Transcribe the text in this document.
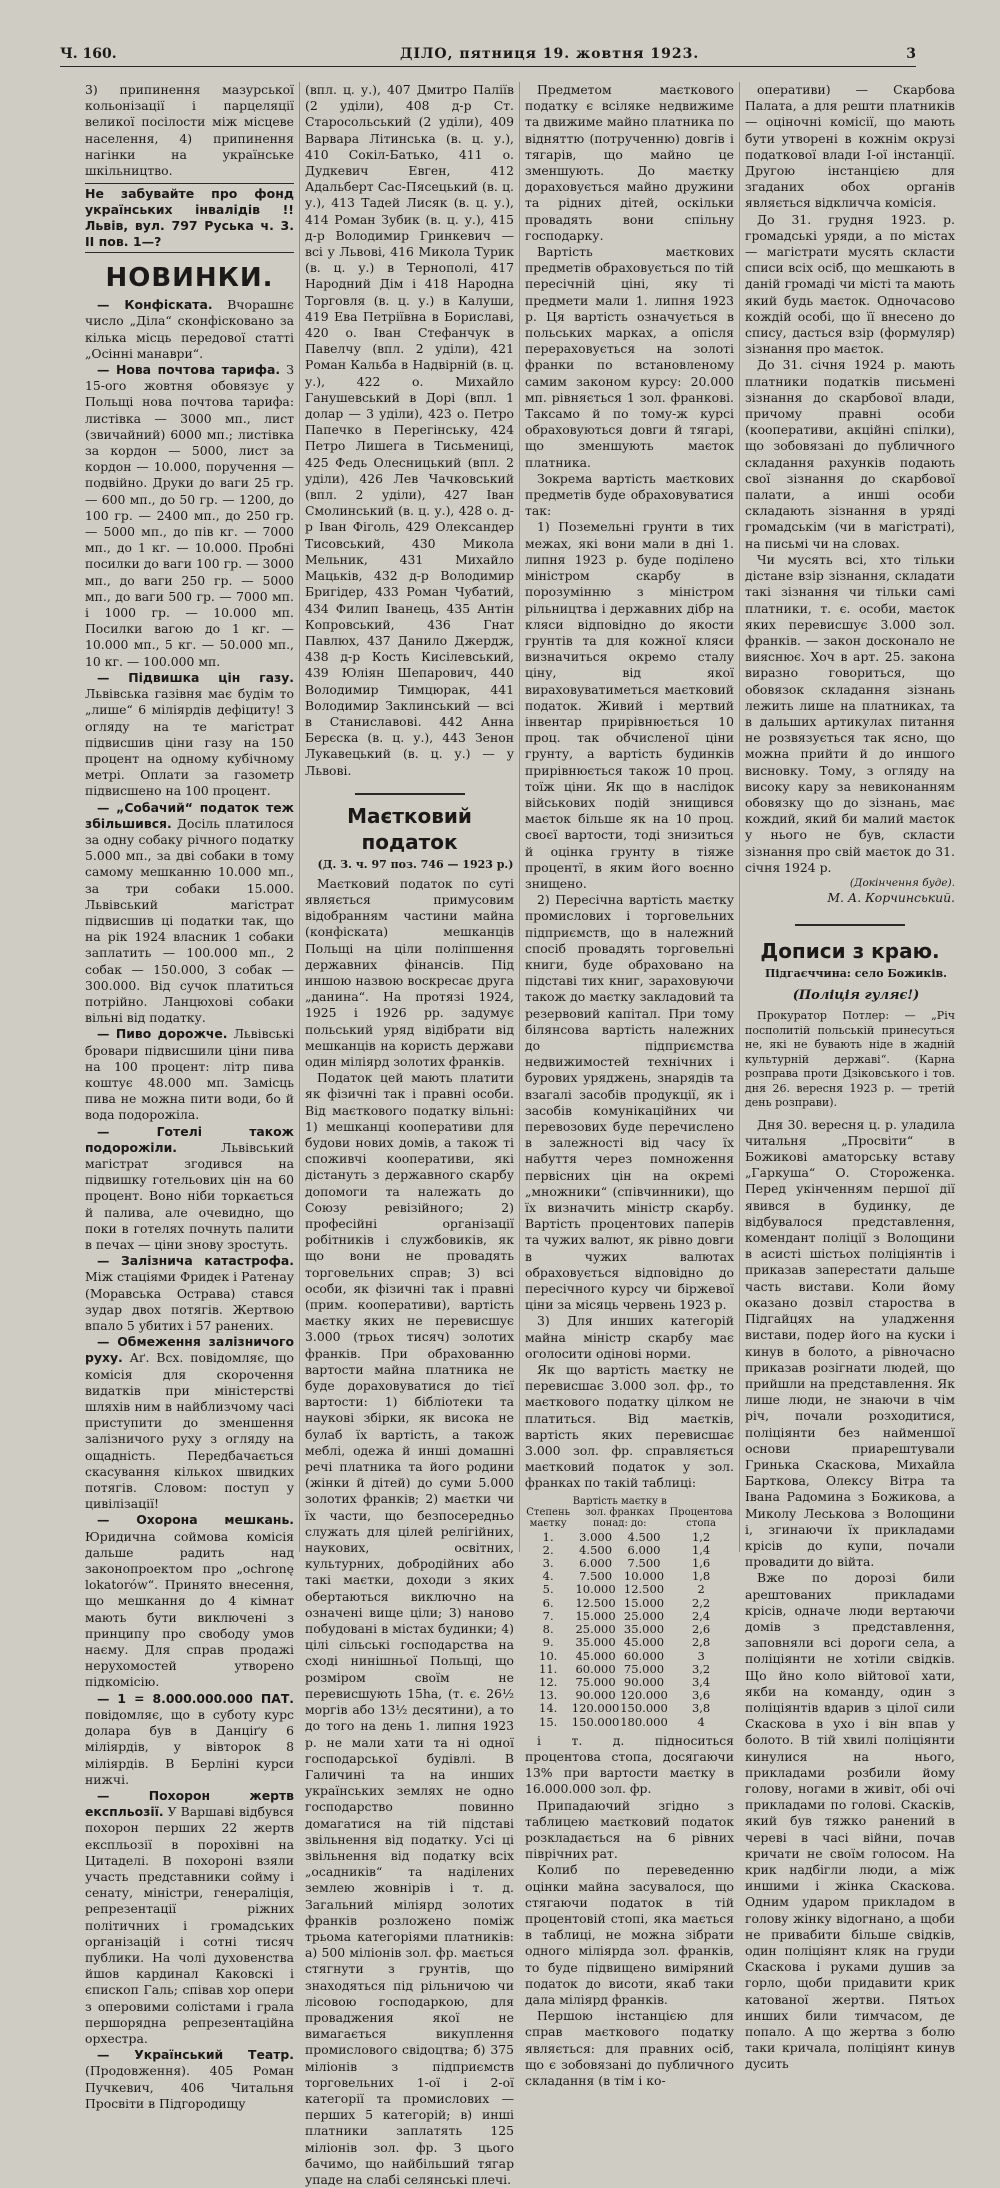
Ч. 160.	ДІЛО, пятниця 19. жовтня 1923.	3

3) припинення мазурської кольонізації і парцеляції великої посілости між місцеве населення, 4) припинення нагінки на українське шкільництво.

Не забувайте про фонд українських інвалідів !! Львів, вул. 797 Руська ч. 3. II пов. 1—?
НОВИНКИ.

— Конфіската. Вчорашнє число „Діла“ сконфісковано за кілька місць передової статті „Осінні манаври“.

— Нова почтова тарифа. З 15-ого жовтня обовязує у Польщі нова почтова тарифа: листівка — 3000 мп., лист (звичайний) 6000 мп.; листівка за кордон — 5000, лист за кордон — 10.000, поручення — подвійно. Друки до ваги 25 гр. — 600 мп., до 50 гр. — 1200, до 100 гр. — 2400 мп., до 250 гр. — 5000 мп., до пів кг. — 7000 мп., до 1 кг. — 10.000. Пробні посилки до ваги 100 гр. — 3000 мп., до ваги 250 гр. — 5000 мп., до ваги 500 гр. — 7000 мп. і 1000 гр. — 10.000 мп. Посилки вагою до 1 кг. — 10.000 мп., 5 кг. — 50.000 мп., 10 кг. — 100.000 мп.

— Підвишка цін газу. Львівська газівня має будім то „лише“ 6 міліярдів дефіциту! З огляду на те магістрат підвисшив ціни газу на 150 процент на одному кубічному метрі. Оплати за газометр підвисшено на 100 процент.

— „Собачий“ податок теж збільшився. Досіль платилося за одну собаку річного податку 5.000 мп., за дві собаки в тому самому мешканню 10.000 мп., за три собаки 15.000. Львівський магістрат підвисшив ці податки так, що на рік 1924 власник 1 собаки заплатить — 100.000 мп., 2 собак — 150.000, 3 собак — 300.000. Від сучок платиться потрійно. Ланцюхові собаки вільні від податку.

— Пиво дорожче. Львівські бровари підвисшили ціни пива на 100 процент: літр пива коштує 48.000 мп. Замісць пива не можна пити води, бо й вода подорожіла.

— Готелі також подорожіли.	Львівський магістрат згодився на підвишку готельових цін на 60 процент. Воно ніби торкається й палива, але очевидно, що поки в готелях почнуть палити в печах — ціни знову зростуть.

— Залізнича катастрофа. Між стаціями Фридек і Ратенау (Моравська Острава) стався зудар двох потягів. Жертвою впало 5 убитих і 57 ранених.

— Обмеження залізничого руху. Аґ. Всх. повідомляє, що комісія для скорочення видатків при міністерстві шляхів ним в найблизчому часі приступити до зменшення залізничого руху з огляду на ощадність. Передбачається скасування кількох швидких потягів. Словом: поступ у цивілізації!

— Охорона мешкань. Юридична соймова комісія дальше радить над законопроектом про „ochronę lokatorów“. Принято внесення, що мешкання до 4 кімнат мають бути виключені з принципу про свободу умов наєму. Для справ продажі нерухомостей утворено підкомісію.

— 1 = 8.000.000.000 ПАТ. повідомляє, що в суботу курс долара був в Данціґу 6 міліярдів, у вівторок 8 міліярдів. В Берліні курси нижчі.

— Похорон жертв експльозії. У Варшаві відбувся похорон перших 22 жертв експльозії в порохівні на Цитаделі. В похороні взяли участь представники сойму і сенату, міністри, генераліція, репрезентації ріжних політичних і громадських організацій і сотні тисяч публики. На чолі духовенства йшов кардинал Каковскі і єпископ Галь; співав хор опери з оперовими солістами і грала першорядна репрезентаційна орхестра.

— Український Театр. (Продовження). 405 Роман Пучкевич, 406 Читальня Просвіти в Підгородищу

(впл. ц. у.), 407 Дмитро Паліїв (2 уділи), 408 д-р Ст. Старосольський (2 уділи), 409 Варвара Літинська (в. ц. у.), 410 Сокіл-Батько, 411 о. Дудкевич Евген, 412 Адальберт Сас-Пясецький (в. ц. у.), 413 Тадей Лисяк (в. ц. у.), 414 Роман Зубик (в. ц. у.), 415 д-р Володимир Гринкевич — всі у Львові, 416 Микола Турик (в. ц. у.) в Тернополі, 417 Народний Дім і 418 Народна Торговля (в. ц. у.) в Калуши, 419 Ева Петріївна в Бориславі, 420 о. Іван Стефанчук в Павелчу (впл. 2 уділи), 421 Роман Кальба в Надвірній (в. ц. у.), 422 о. Михайло Ганушевський в Дорі (впл. 1 долар — 3 уділи), 423 о. Петро Папечко в Перегінську, 424 Петро Лишега в Тисьмениці, 425 Федь Олесницький (впл. 2 уділи), 426 Лев Чачковський (впл. 2 уділи), 427 Іван Смолинський (в. ц. у.), 428 о. д-р Іван Фіголь, 429 Олександер Тисовський, 430 Микола Мельник, 431 Михайло Мацьків, 432 д-р Володимир Бригідер, 433 Роман Чубатий, 434 Филип Іванець, 435 Антін Копровський, 436 Гнат Павлюх, 437 Данило Джердж, 438 д-р Кость Кисілевський, 439 Юліян Шепарович, 440 Володимир Тимцюрак, 441 Володимир Заклинський — всі в Станиславові. 442 Анна Берєска (в. ц. у.), 443 Зенон Лукавецький (в. ц. у.) — у Львові.

Маєтковий податок

(Д. З. ч. 97 поз. 746 — 1923 р.)

Маєтковий податок по суті являється примусовим відобранням частини майна (конфіската) мешканців Польщі на ціли поліпшення державних фінансів. Під иншою назвою воскресає друга „данина“. На протязі 1924, 1925 і 1926 рр. задумує польський уряд відібрати від мешканців на користь держави один міліярд золотих франків.

Податок цей мають платити як фізичні так і правні особи. Від маєткового податку вільні: 1) мешканці кооперативи для будови нових домів, а також ті споживчі кооперативи, які дістануть з державного скарбу допомоги та належать до Союзу ревізійного; 2) професійні організації робітників і службовиків, як що вони не провадять торговельних справ; 3) всі особи, як фізичні так і правні (прим. кооперативи), вартість маєтку яких не перевисшує 3.000 (трьох тисяч) золотих франків. При обрахованню вартости майна платника не буде дораховуватися до тієї вартости: 1) бібліотеки та наукові збірки, як висока не булаб їх вартість, а також меблі, одежа й инші домашні речі платника та його родини (жінки й дітей) до суми 5.000 золотих франків; 2) маєтки чи їх части, що безпосередньо служать для цілей релігійних, наукових, освітних, культурних, добродійних або такі маєтки, доходи з яких обертаються виключно на означені вище ціли; 3) наново побудовані в містах будинки; 4) цілі сільські господарства на сході нинішньої Польщі, що розміром своїм не перевисшують 15ha, (т. є. 26½ моргів або 13½ десятини), а то до того на день 1. липня 1923 р. не мали хати та ні одної господарської будівлі. В Галичині та на инших українських землях не одно господарство повинно домагатися на тій підставі звільнення від податку. Усі ці звільнення від податку всіх „осадників“ та наділених землею жовнірів і т. д. Загальний міліярд золотих франків розложено поміж трьома категоріями платників: а) 500 міліонів зол. фр. мається стягнути з грунтів, що знаходяться під рільничою чи лісовою господаркою, для проваджения якої не вимагається викуплення промислового свідоцтва; б) 375 міліонів з підприємств торговельних 1-ої і 2-ої категорії та промислових — перших 5 категорій; в) инші платники заплатять 125 міліонів зол. фр. З цього бачимо, що найбільший тягар упаде на слабі селянські плечі.

Предметом маєткового податку є всіляке недвижиме та движиме майно платника по відняттю (потрученню) довгів і тягарів, що майно це зменшують. До маєтку дораховується майно дружини та рідних дітей, оскільки провадять вони спільну господарку.

Вартість маєткових предметів обраховується по тій пересічній ціні, яку ті предмети мали 1. липня 1923 р. Ця вартість означується в польських марках, а опісля перераховується на золоті франки по встановленому самим законом курсу: 20.000 мп. рівняється 1 зол. франкові. Таксамо й по тому-ж курсі обраховуються довги й тягарі, що зменшують маєток платника.

Зокрема вартість маєткових предметів буде обраховуватися так:

1) Поземельні грунти в тих межах, які вони мали в дні 1. липня 1923 р. буде поділено міністром скарбу в порозумінню з міністром рільництва і державних дібр на кляси відповідно до якости грунтів та для кожної кляси визначиться окремо сталу ціну, від якої вираховуватиметься маєтковий податок. Живий і мертвий інвентар прирівнюється 10 проц. так обчисленої ціни грунту, а вартість будинків прирівнюється також 10 проц. тоїж ціни. Як що в наслідок військових подій знищився маєток більше як на 10 проц. своєї вартости, тоді знизиться й оцінка грунту в тіяже процентї, в яким його воєнно знищено.

2) Пересічна вартість маєтку промислових і торговельних підприємств, що в належний спосіб провадять торговельні книги, буде обраховано на підставі тих книг, зараховуючи також до маєтку закладовий та резервовий капітал. При тому білянсова вартість належних до підприємства недвижимостей технічних і бурових уряджень, знарядів та взагалі засобів продукції, як і засобів комунікаційних чи перевозових буде перечислено в залежності від часу їх набуття через помноження первісних цін на окремі „множники“ (співчинники), що їх визначить міністр скарбу. Вартість процентових паперів та чужих валют, як рівно довги в чужих валютах обраховується відповідно до пересічного курсу чи біржевої ціни за місяць червень 1923 р.

3) Для инших категорій майна міністр скарбу має оголосити одінові норми.

Як що вартість маєтку не перевисшає 3.000 зол. фр., то маєткового податку цілком не платиться. Від маєтків, вартість яких перевисшає 3.000 зол. фр. справляється маєтковий податок у зол. франках по такій таблиці:

Степень маєтку	Вартість маєтку в зол. франках понад: до:		Процентова стопа
1.	3.000	4.500	1,2
2.	4.500	6.000	1,4
3.	6.000	7.500	1,6
4.	7.500	10.000	1,8
5.	10.000	12.500	2
6.	12.500	15.000	2,2
7.	15.000	25.000	2,4
8.	25.000	35.000	2,6
9.	35.000	45.000	2,8
10.	45.000	60.000	3
11.	60.000	75.000	3,2
12.	75.000	90.000	3,4
13.	90.000	120.000	3,6
14.	120.000	150.000	3,8
15.	150.000	180.000	4

і т. д. підноситься процентова стопа, досягаючи 13% при вартости маєтку в 16.000.000 зол. фр.

Припадаючий згідно з таблицею маєтковий податок розкладається на 6 рівних піврічних рат.

Колиб по переведенню оцінки майна засувалося, що стягаючи податок в тій процентовій стопі, яка мається в таблиці, не можна зібрати одного міліярда зол. франків, то буде підвищено виміряний податок до висоти, якаб таки дала міліярд франків.

Першою інстанцією для справ маєткового податку являється: для правних осіб, що є зобовязані до публичного складання (в тім і ко-

оперативи) — Скарбова Палата, а для решти платників — оціночні комісії, що мають бути утворені в кожнім окрузі податкової влади І-ої інстанції. Другою інстанцією для згаданих обох органів являється відкличча комісія.

До 31. грудня 1923. р. громадські уряди, а по містах — магістрати мусять скласти списи всіх осіб, що мешкають в даній громаді чи місті та мають який будь маєток. Одночасово кождій особі, що її внесено до спису, дасться взір (формуляр) зізнання про маєток.

До 31. січня 1924 р. мають платники податків письмені зізнання до скарбової влади, причому правні особи (кооперативи, акційні спілки), що зобовязані до публичного складання рахунків подають свої зізнання до скарбової палати, а инші особи складають зізнання в уряді громадськім (чи в магістраті), на письмі чи на словах.

Чи мусять всі, хто тільки дістане взір зізнання, складати такі зізнання чи тільки самі платники, т. є. особи, маєток яких перевисшує 3.000 зол. франків. — закон досконало не вияснює. Хоч в арт. 25. закона виразно говориться, що обовязок складання зізнань лежить лише на платниках, та в дальших артикулах питання не розвязується так ясно, що можна прийти й до иншого висновку. Тому, з огляду на високу кару за невиконанням обовязку що до зізнань, має кождий, який би малий маєток у нього не був, скласти зізнання про свій маєток до 31. січня 1924 р.

(Докінчення буде).

М. А. Корчинський.

Дописи з краю.

Підгаєччина: село Божиків.

(Поліція гуляє!)

Прокуратор Потлер: — „Річ посполитій польській принесуться не, які не бувають ніде в жадній культурній державі“. (Карна розправа проти Дзіковського і тов. дня 26. вересня 1923 р. — третій день розправи).

Дня 30. вересня ц. р. уладила читальня „Просвіти“ в Божикові аматорську вставу „Гаркуша“ О. Стороженка. Перед укінченням першої дії явився в будинку, де відбувалося представлення, комендант поліції з Волощини в асисті шістьох поліціянтів і приказав заперестати дальше часть вистави. Коли йому оказано дозвіл староства в Підгайцях на уладження вистави, подер його на куски і кинув в болото, а рівночасно приказав розігнати людей, що прийшли на представлення. Як лише люди, не знаючи в чім річ, почали розходитися, поліціянти без найменшої основи приарештували Гринька Скаскова, Михайла Барткова, Олексу Вітра та Івана Радомина з Божикова, а Миколу Леськова з Волощини і, згинаючи їх прикладами крісів до купи, почали провадити до війта.

Вже по дорозі били арештованих прикладами крісів, одначе люди вертаючи домів з представлення, заповняли всі дороги села, а поліціянти не хотіли свідків. Що йно коло війтової хати, якби на команду, один з поліціянтів вдарив з цілої сили Скаскова в ухо і він впав у болото. В тій хвилі поліціянти кинулися на нього, прикладами розбили йому голову, ногами в живіт, обі очі прикладами по голові. Скасків, який був тяжко ранений в череві в часі війни, почав кричати не своїм голосом. На крик надбігли люди, а між иншими і жінка Скаскова. Одним ударом прикладом в голову жінку відогнано, а щоби не привабити більше свідків, один поліціянт кляк на груди Скаскова і руками душив за горло, щоби придавити крик катованої жертви. Пятьох инших били тимчасом, де попало. А що жертва з болю таки кричала, поліціянт кинув дусить
